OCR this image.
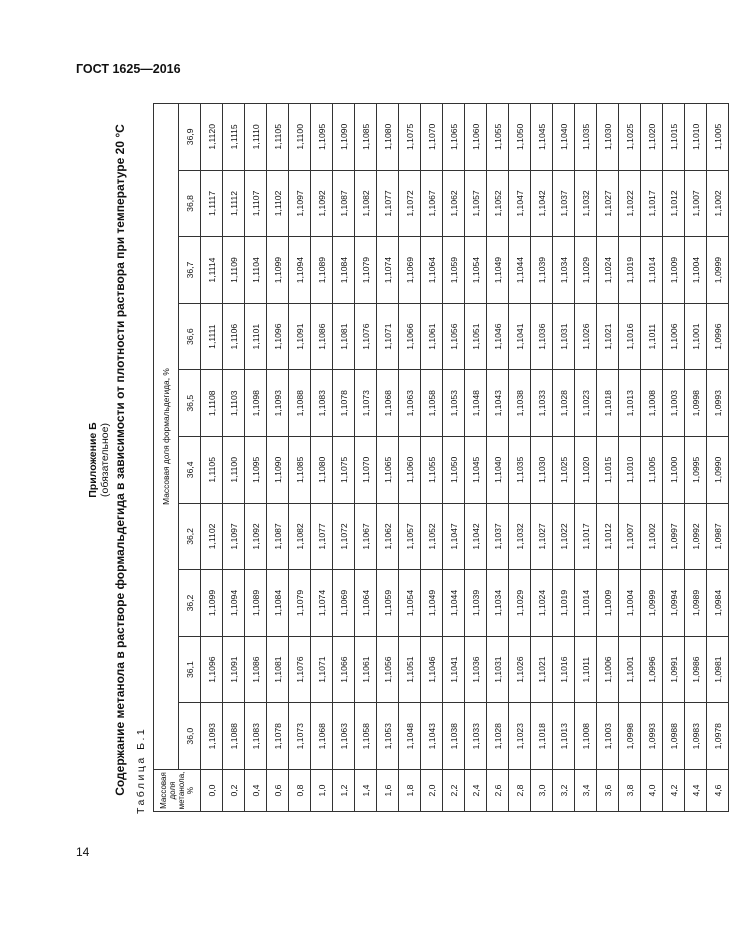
ГОСТ 1625—2016
Приложение Б (обязательное) Содержание метанола в растворе формальдегида в зависимости от плотности раствора при температуре 20 °С Таблица Б.1 Массовая доля метанола, %	Массовая доля формальдегида, %									
	36,0	36,1	36,2	36,2	36,4	36,5	36,6	36,7	36,8	36,9
0,0	1,1093	1,1096	1,1099	1,1102	1,1105	1,1108	1,1111	1,1114	1,1117	1,1120
0,2	1,1088	1,1091	1,1094	1,1097	1,1100	1,1103	1,1106	1,1109	1,1112	1,1115
0,4	1,1083	1,1086	1,1089	1,1092	1,1095	1,1098	1,1101	1,1104	1,1107	1,1110
0,6	1,1078	1,1081	1,1084	1,1087	1,1090	1,1093	1,1096	1,1099	1,1102	1,1105
0,8	1,1073	1,1076	1,1079	1,1082	1,1085	1,1088	1,1091	1,1094	1,1097	1,1100
1,0	1,1068	1,1071	1,1074	1,1077	1,1080	1,1083	1,1086	1,1089	1,1092	1,1095
1,2	1,1063	1,1066	1,1069	1,1072	1,1075	1,1078	1,1081	1,1084	1,1087	1,1090
1,4	1,1058	1,1061	1,1064	1,1067	1,1070	1,1073	1,1076	1,1079	1,1082	1,1085
1,6	1,1053	1,1056	1,1059	1,1062	1,1065	1,1068	1,1071	1,1074	1,1077	1,1080
1,8	1,1048	1,1051	1,1054	1,1057	1,1060	1,1063	1,1066	1,1069	1,1072	1,1075
2,0	1,1043	1,1046	1,1049	1,1052	1,1055	1,1058	1,1061	1,1064	1,1067	1,1070
2,2	1,1038	1,1041	1,1044	1,1047	1,1050	1,1053	1,1056	1,1059	1,1062	1,1065
2,4	1,1033	1,1036	1,1039	1,1042	1,1045	1,1048	1,1051	1,1054	1,1057	1,1060
2,6	1,1028	1,1031	1,1034	1,1037	1,1040	1,1043	1,1046	1,1049	1,1052	1,1055
2,8	1,1023	1,1026	1,1029	1,1032	1,1035	1,1038	1,1041	1,1044	1,1047	1,1050
3,0	1,1018	1,1021	1,1024	1,1027	1,1030	1,1033	1,1036	1,1039	1,1042	1,1045
3,2	1,1013	1,1016	1,1019	1,1022	1,1025	1,1028	1,1031	1,1034	1,1037	1,1040
3,4	1,1008	1,1011	1,1014	1,1017	1,1020	1,1023	1,1026	1,1029	1,1032	1,1035
3,6	1,1003	1,1006	1,1009	1,1012	1,1015	1,1018	1,1021	1,1024	1,1027	1,1030
3,8	1,0998	1,1001	1,1004	1,1007	1,1010	1,1013	1,1016	1,1019	1,1022	1,1025
4,0	1,0993	1,0996	1,0999	1,1002	1,1005	1,1008	1,1011	1,1014	1,1017	1,1020
4,2	1,0988	1,0991	1,0994	1,0997	1,1000	1,1003	1,1006	1,1009	1,1012	1,1015
4,4	1,0983	1,0986	1,0989	1,0992	1,0995	1,0998	1,1001	1,1004	1,1007	1,1010
4,6	1,0978	1,0981	1,0984	1,0987	1,0990	1,0993	1,0996	1,0999	1,1002	1,1005
14
